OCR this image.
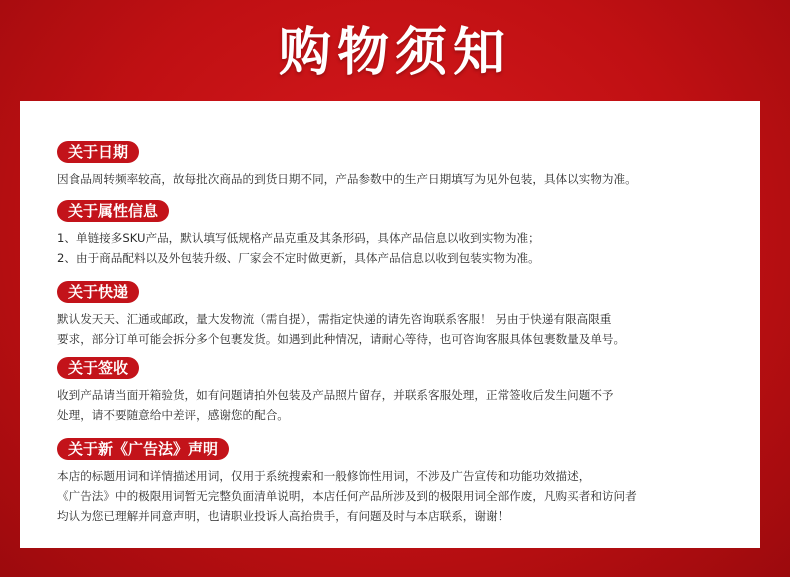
购物须知
关于日期

因食品周转频率较高，故每批次商品的到货日期不同，产品参数中的生产日期填写为见外包装，具体以实物为准。

关于属性信息

1、单链接多SKU产品，默认填写低规格产品克重及其条形码，具体产品信息以收到实物为准；

2、由于商品配料以及外包装升级、厂家会不定时做更新，具体产品信息以收到包装实物为准。

关于快递

默认发天天、汇通或邮政，量大发物流（需自提），需指定快递的请先咨询联系客服！ 另由于快递有限高限重

要求，部分订单可能会拆分多个包裹发货。如遇到此种情况，请耐心等待，也可咨询客服具体包裹数量及单号。

关于签收

收到产品请当面开箱验货，如有问题请拍外包装及产品照片留存，并联系客服处理，正常签收后发生问题不予

处理，请不要随意给中差评，感谢您的配合。

关于新《广告法》声明

本店的标题用词和详情描述用词，仅用于系统搜索和一般修饰性用词，不涉及广告宣传和功能功效描述，

《广告法》中的极限用词暂无完整负面清单说明，本店任何产品所涉及到的极限用词全部作废，凡购买者和访问者

均认为您已理解并同意声明，也请职业投诉人高抬贵手，有问题及时与本店联系，谢谢！
